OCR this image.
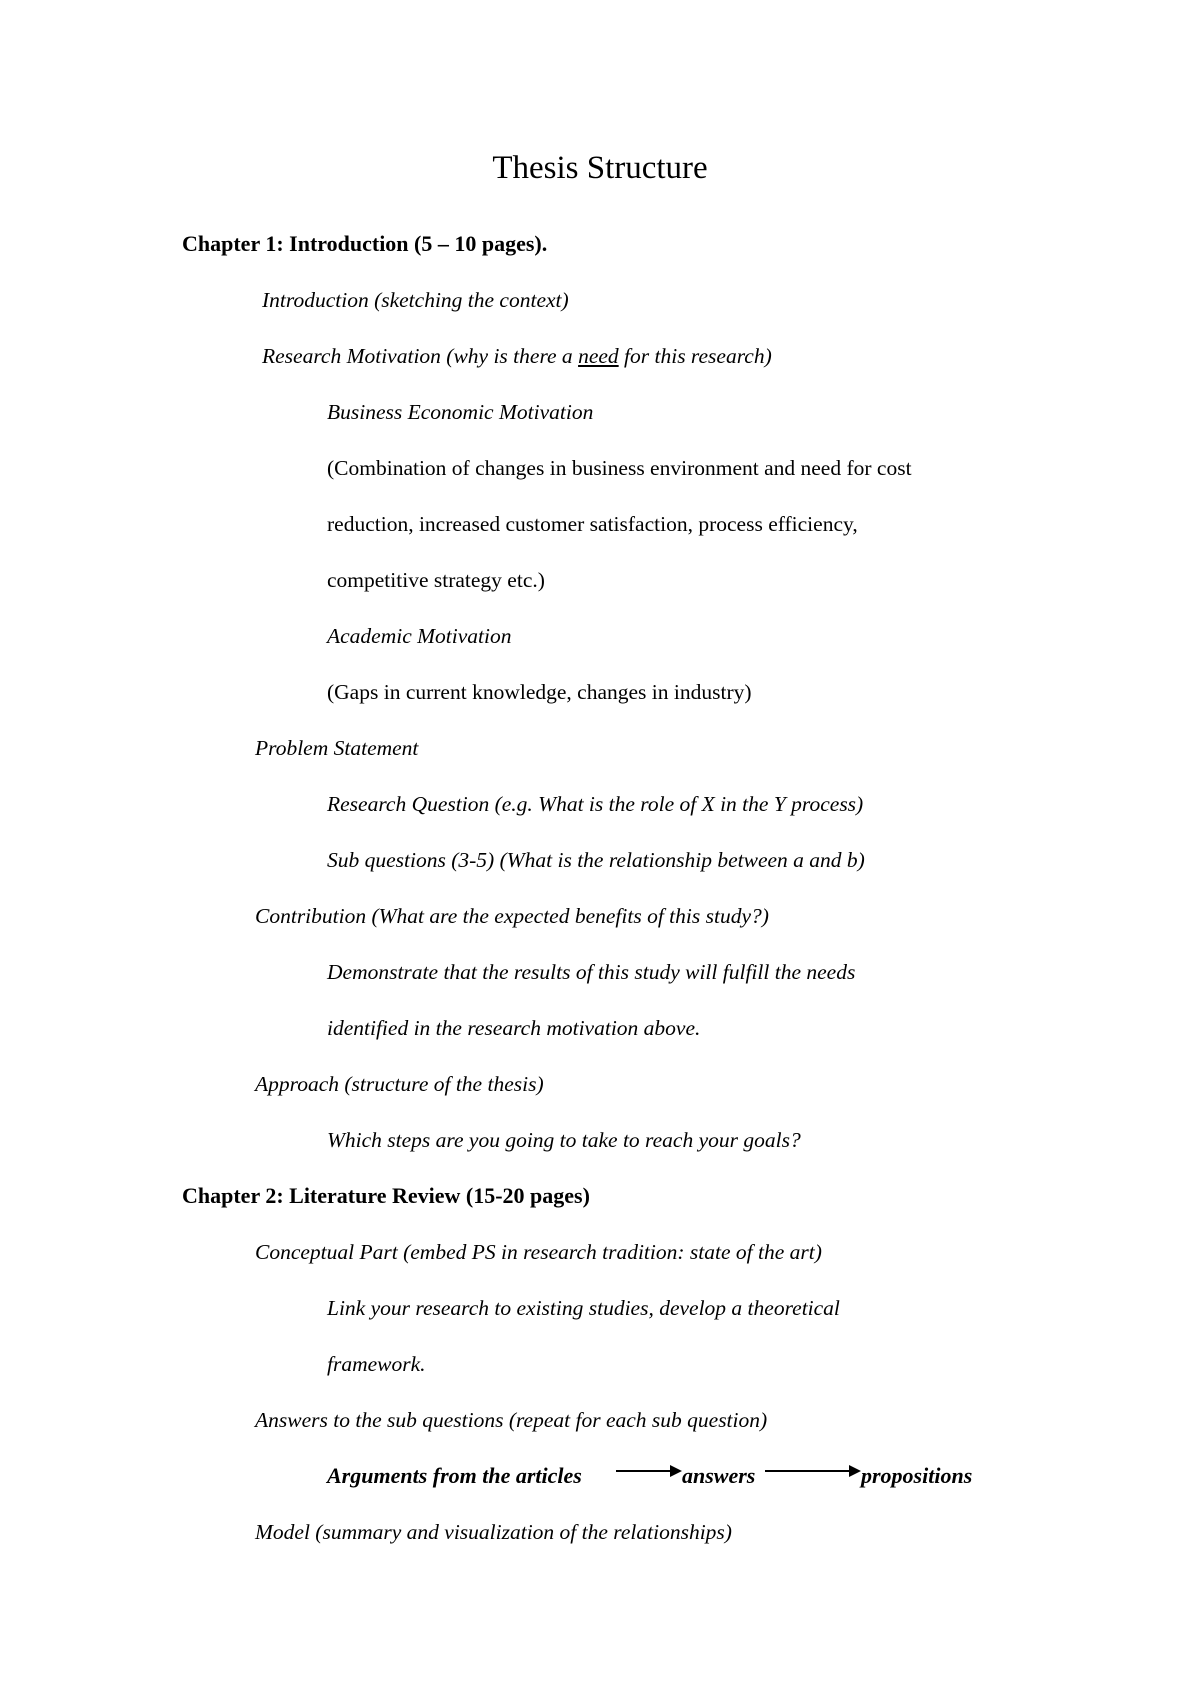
Thesis Structure
Chapter 1: Introduction (5 – 10 pages).
Introduction (sketching the context)
Research Motivation (why is there a need for this research)
Business Economic Motivation
(Combination of changes in business environment and need for cost
reduction, increased customer satisfaction, process efficiency,
competitive strategy etc.)
Academic Motivation
(Gaps in current knowledge, changes in industry)
Problem Statement
Research Question (e.g. What is the role of X in the Y process)
Sub questions (3-5) (What is the relationship between a and b)
Contribution (What are the expected benefits of this study?)
Demonstrate that the results of this study will fulfill the needs
identified in the research motivation above.
Approach (structure of the thesis)
Which steps are you going to take to reach your goals?
Chapter 2: Literature Review (15-20 pages)
Conceptual Part (embed PS in research tradition: state of the art)
Link your research to existing studies, develop a theoretical
framework.
Answers to the sub questions (repeat for each sub question)
Arguments from the articles	answers	propositions
Model (summary and visualization of the relationships)
